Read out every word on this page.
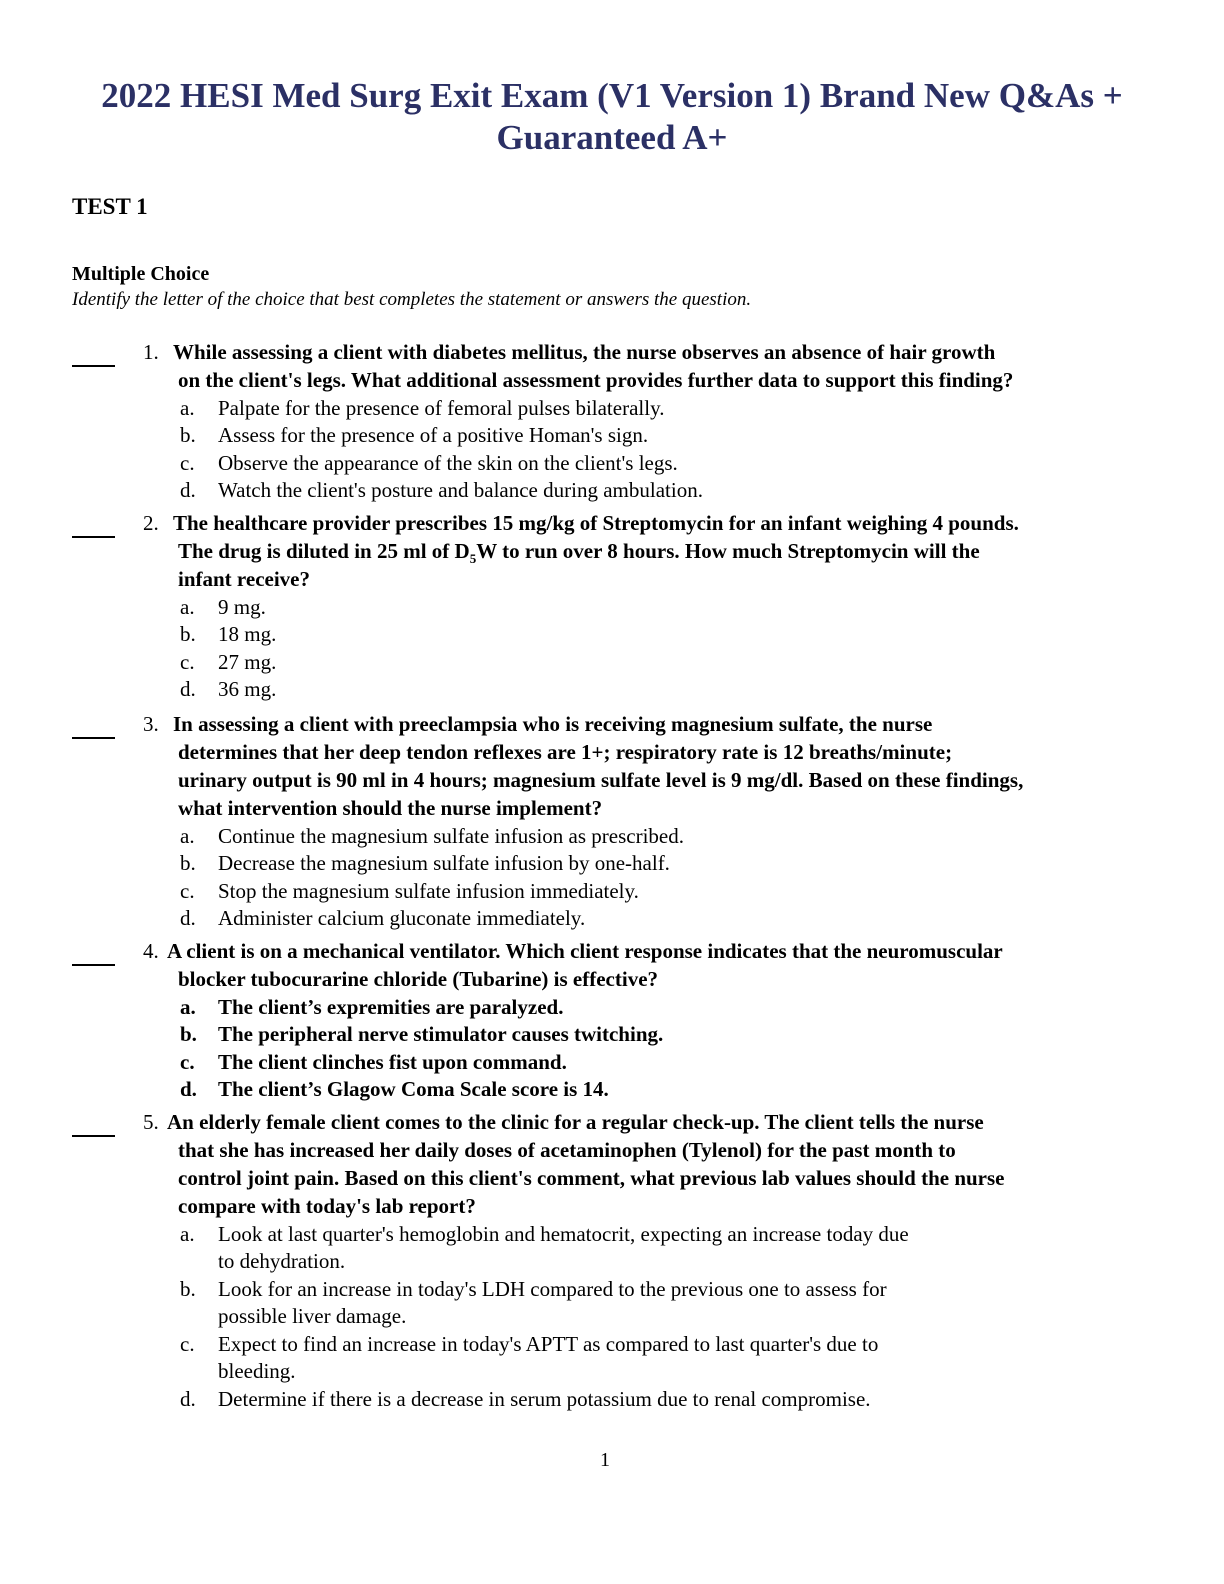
2022 HESI Med Surg Exit Exam (V1 Version 1) Brand New Q&As +
Guaranteed A+
TEST 1
Multiple Choice
Identify the letter of the choice that best completes the statement or answers the question.
1. While assessing a client with diabetes mellitus, the nurse observes an absence of hair growth
on the client's legs. What additional assessment provides further data to support this finding?
a. Palpate for the presence of femoral pulses bilaterally.
b. Assess for the presence of a positive Homan's sign.
c. Observe the appearance of the skin on the client's legs.
d. Watch the client's posture and balance during ambulation.
2. The healthcare provider prescribes 15 mg/kg of Streptomycin for an infant weighing 4 pounds.
The drug is diluted in 25 ml of $D_5W$ to run over 8 hours. How much Streptomycin will the
infant receive?
a. 9 mg.
b. 18 mg.
c. 27 mg.
d. 36 mg.
3. In assessing a client with preeclampsia who is receiving magnesium sulfate, the nurse
determines that her deep tendon reflexes are 1+; respiratory rate is 12 breaths/minute;
urinary output is 90 ml in 4 hours; magnesium sulfate level is 9 mg/dl. Based on these findings,
what intervention should the nurse implement?
a. Continue the magnesium sulfate infusion as prescribed.
b. Decrease the magnesium sulfate infusion by one-half.
c. Stop the magnesium sulfate infusion immediately.
d. Administer calcium gluconate immediately.
4. A client is on a mechanical ventilator. Which client response indicates that the neuromuscular
blocker tubocurarine chloride (Tubarine) is effective?
a. The client’s expremities are paralyzed.
b. The peripheral nerve stimulator causes twitching.
c. The client clinches fist upon command.
d. The client’s Glagow Coma Scale score is 14.
5. An elderly female client comes to the clinic for a regular check-up. The client tells the nurse
that she has increased her daily doses of acetaminophen (Tylenol) for the past month to
control joint pain. Based on this client's comment, what previous lab values should the nurse
compare with today's lab report?
a. Look at last quarter's hemoglobin and hematocrit, expecting an increase today due
to dehydration.
b. Look for an increase in today's LDH compared to the previous one to assess for
possible liver damage.
c. Expect to find an increase in today's APTT as compared to last quarter's due to
bleeding.
d. Determine if there is a decrease in serum potassium due to renal compromise.
1
